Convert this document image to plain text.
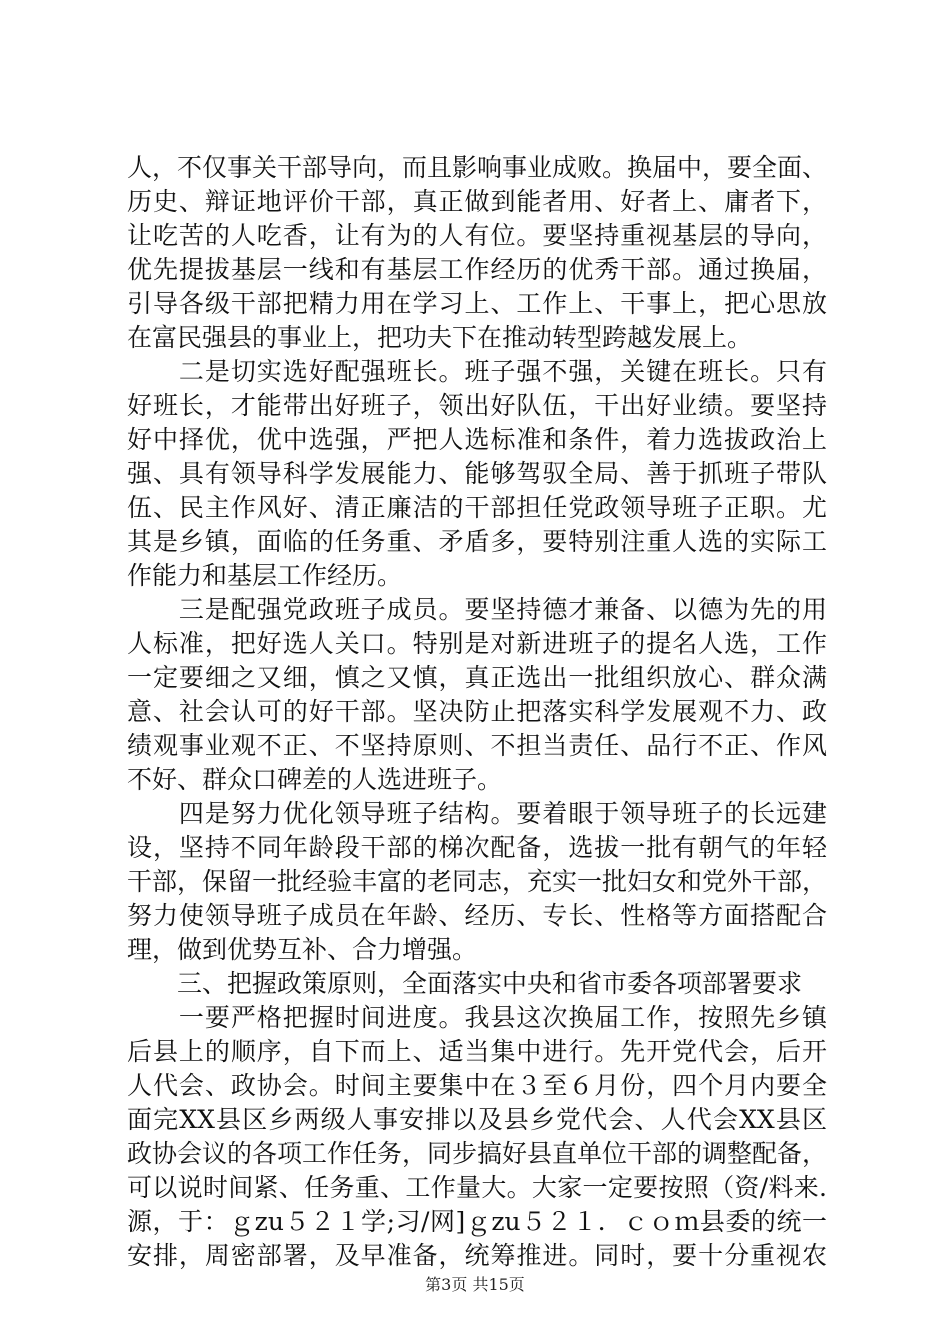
人，不仅事关干部导向，而且影响事业成败。换届中，要全面、
历史、辩证地评价干部，真正做到能者用、好者上、庸者下，
让吃苦的人吃香，让有为的人有位。要坚持重视基层的导向，
优先提拔基层一线和有基层工作经历的优秀干部。通过换届，
引导各级干部把精力用在学习上、工作上、干事上，把心思放
在富民强县的事业上，把功夫下在推动转型跨越发展上。
　　二是切实选好配强班长。班子强不强，关键在班长。只有
好班长，才能带出好班子，领出好队伍，干出好业绩。要坚持
好中择优，优中选强，严把人选标准和条件，着力选拔政治上
强、具有领导科学发展能力、能够驾驭全局、善于抓班子带队
伍、民主作风好、清正廉洁的干部担任党政领导班子正职。尤
其是乡镇，面临的任务重、矛盾多，要特别注重人选的实际工
作能力和基层工作经历。
　　三是配强党政班子成员。要坚持德才兼备、以德为先的用
人标准，把好选人关口。特别是对新进班子的提名人选，工作
一定要细之又细，慎之又慎，真正选出一批组织放心、群众满
意、社会认可的好干部。坚决防止把落实科学发展观不力、政
绩观事业观不正、不坚持原则、不担当责任、品行不正、作风
不好、群众口碑差的人选进班子。
　　四是努力优化领导班子结构。要着眼于领导班子的长远建
设，坚持不同年龄段干部的梯次配备，选拔一批有朝气的年轻
干部，保留一批经验丰富的老同志，充实一批妇女和党外干部，
努力使领导班子成员在年龄、经历、专长、性格等方面搭配合
理，做到优势互补、合力增强。
　　三、把握政策原则，全面落实中央和省市委各项部署要求
　　一要严格把握时间进度。我县这次换届工作，按照先乡镇
后县上的顺序，自下而上、适当集中进行。先开党代会，后开
人代会、政协会。时间主要集中在３至６月份，四个月内要全
面完XX县区乡两级人事安排以及县乡党代会、人代会XX县区
政协会议的各项工作任务，同步搞好县直单位干部的调整配备，
可以说时间紧、任务重、工作量大。大家一定要按照（资/料来.
源，于：ｇzu５２１学;习/网]ｇzu５２１．ｃｏｍ县委的统一
安排，周密部署，及早准备，统筹推进。同时，要十分重视农
第3页 共15页
